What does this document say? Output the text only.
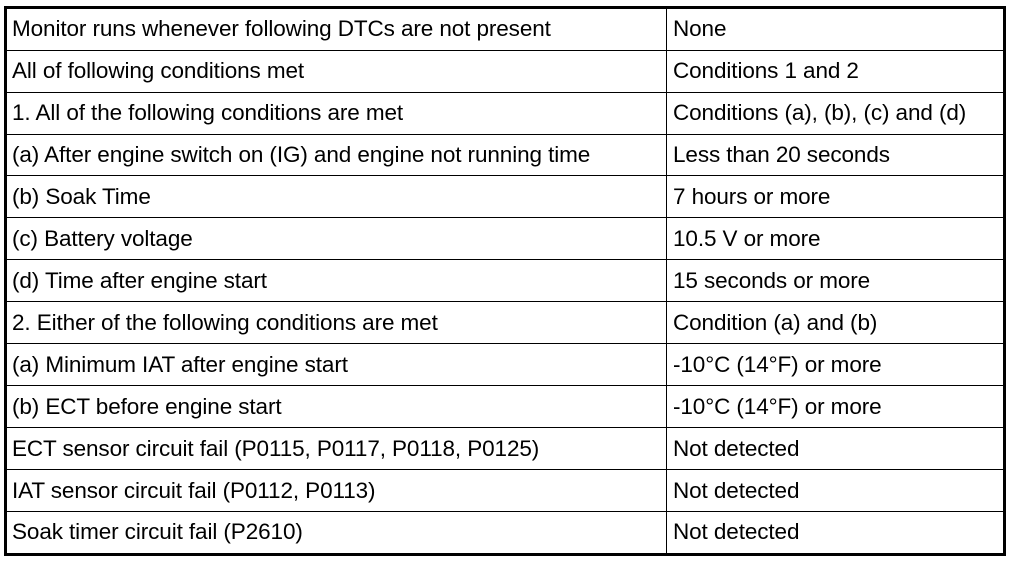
Monitor runs whenever following DTCs are not present	None
All of following conditions met	Conditions 1 and 2
1. All of the following conditions are met	Conditions (a), (b), (c) and (d)
(a) After engine switch on (IG) and engine not running time	Less than 20 seconds
(b) Soak Time	7 hours or more
(c) Battery voltage	10.5 V or more
(d) Time after engine start	15 seconds or more
2. Either of the following conditions are met	Condition (a) and (b)
(a) Minimum IAT after engine start	-10°C (14°F) or more
(b) ECT before engine start	-10°C (14°F) or more
ECT sensor circuit fail (P0115, P0117, P0118, P0125)	Not detected
IAT sensor circuit fail (P0112, P0113)	Not detected
Soak timer circuit fail (P2610)	Not detected
